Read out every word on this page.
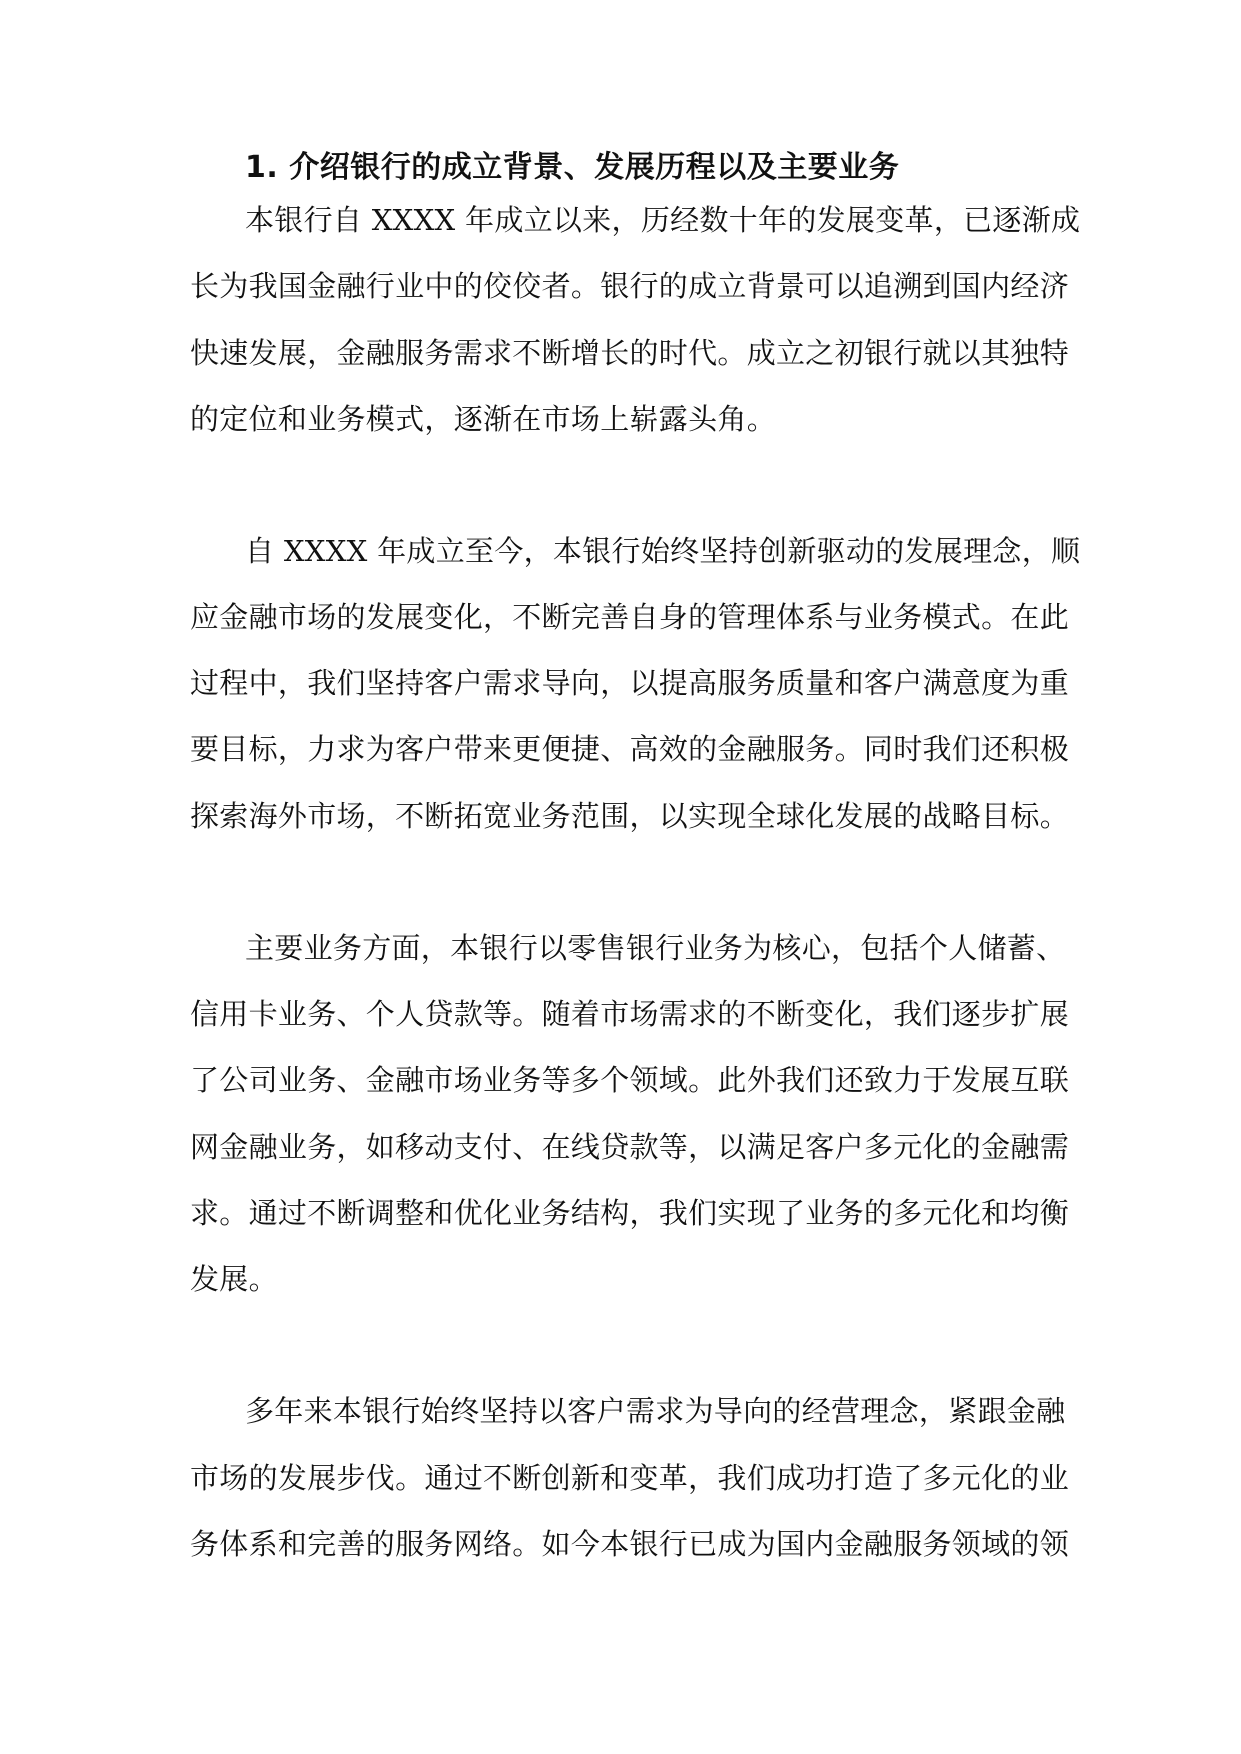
1. 介绍银行的成立背景、发展历程以及主要业务
本银行自 XXXX 年成立以来，历经数十年的发展变革，已逐渐成
长为我国金融行业中的佼佼者。银行的成立背景可以追溯到国内经济
快速发展，金融服务需求不断增长的时代。成立之初银行就以其独特
的定位和业务模式，逐渐在市场上崭露头角。
自 XXXX 年成立至今，本银行始终坚持创新驱动的发展理念，顺
应金融市场的发展变化，不断完善自身的管理体系与业务模式。在此
过程中，我们坚持客户需求导向，以提高服务质量和客户满意度为重
要目标，力求为客户带来更便捷、高效的金融服务。同时我们还积极
探索海外市场，不断拓宽业务范围，以实现全球化发展的战略目标。
主要业务方面，本银行以零售银行业务为核心，包括个人储蓄、
信用卡业务、个人贷款等。随着市场需求的不断变化，我们逐步扩展
了公司业务、金融市场业务等多个领域。此外我们还致力于发展互联
网金融业务，如移动支付、在线贷款等，以满足客户多元化的金融需
求。通过不断调整和优化业务结构，我们实现了业务的多元化和均衡
发展。
多年来本银行始终坚持以客户需求为导向的经营理念，紧跟金融
市场的发展步伐。通过不断创新和变革，我们成功打造了多元化的业
务体系和完善的服务网络。如今本银行已成为国内金融服务领域的领
